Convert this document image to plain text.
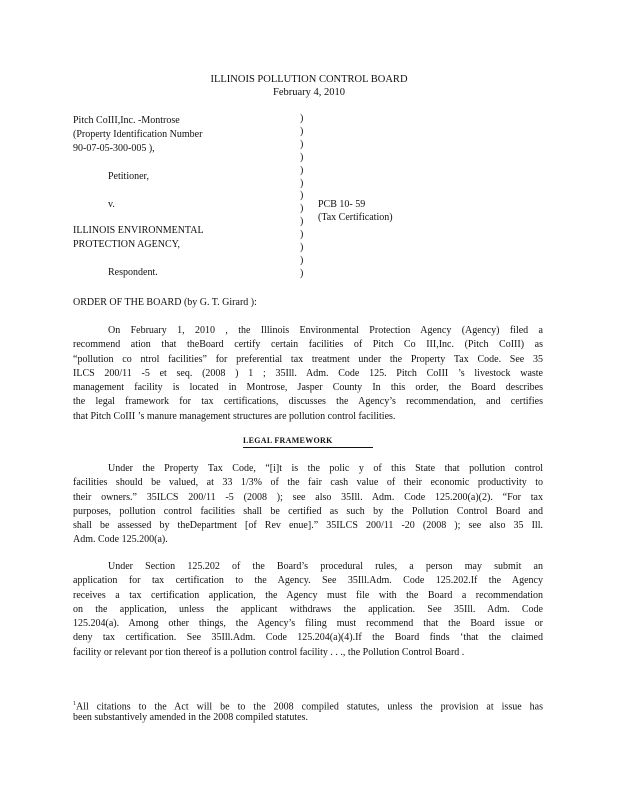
ILLINOIS POLLUTION CONTROL BOARD
February 4, 2010
Pitch CoIII,Inc. -Montrose
(Property Identification Number
90-07-05-300-005 ),
Petitioner,
v.
ILLINOIS ENVIRONMENTAL
PROTECTION AGENCY,
Respondent.
)
)
)
)
)
)
)
)
)
)
)
)
)
PCB 10- 59
(Tax Certification)
ORDER OF THE BOARD (by G. T. Girard ):
On February 1, 2010 , the Illinois Environmental Protection Agency (Agency) filed a
recommend ation that theBoard certify certain facilities of Pitch Co III,Inc. (Pitch CoIII) as
“pollution co ntrol facilities” for preferential tax treatment under the Property Tax Code. See 35
ILCS 200/11 -5 et seq. (2008 ) 1 ; 35Ill. Adm. Code 125. Pitch CoIII ’s livestock waste
management facility is located in Montrose, Jasper County In this order, the Board describes
the legal framework for tax certifications, discusses the Agency’s recommendation, and certifies
that Pitch CoIII ’s manure management structures are pollution control facilities.
LEGAL FRAMEWORK
Under the Property Tax Code, “[i]t is the polic y of this State that pollution control
facilities should be valued, at 33 1/3% of the fair cash value of their economic productivity to
their owners.” 35ILCS 200/11 -5 (2008 ); see also 35Ill. Adm. Code 125.200(a)(2). “For tax
purposes, pollution control facilities shall be certified as such by the Pollution Control Board and
shall be assessed by theDepartment [of Rev enue].” 35ILCS 200/11 -20 (2008 ); see also 35 Ill.
Adm. Code 125.200(a).
Under Section 125.202 of the Board’s procedural rules, a person may submit an
application for tax certification to the Agency. See 35Ill.Adm. Code 125.202.If the Agency
receives a tax certification application, the Agency must file with the Board a recommendation
on the application, unless the applicant withdraws the application. See 35Ill. Adm. Code
125.204(a). Among other things, the Agency’s filing must recommend that the Board issue or
deny tax certification. See 35Ill.Adm. Code 125.204(a)(4).If the Board finds ‘that the claimed
facility or relevant por tion thereof is a pollution control facility . . ., the Pollution Control Board .
$^1$All citations to the Act will be to the 2008 compiled statutes, unless the provision at issue has
been substantively amended in the 2008 compiled statutes.
